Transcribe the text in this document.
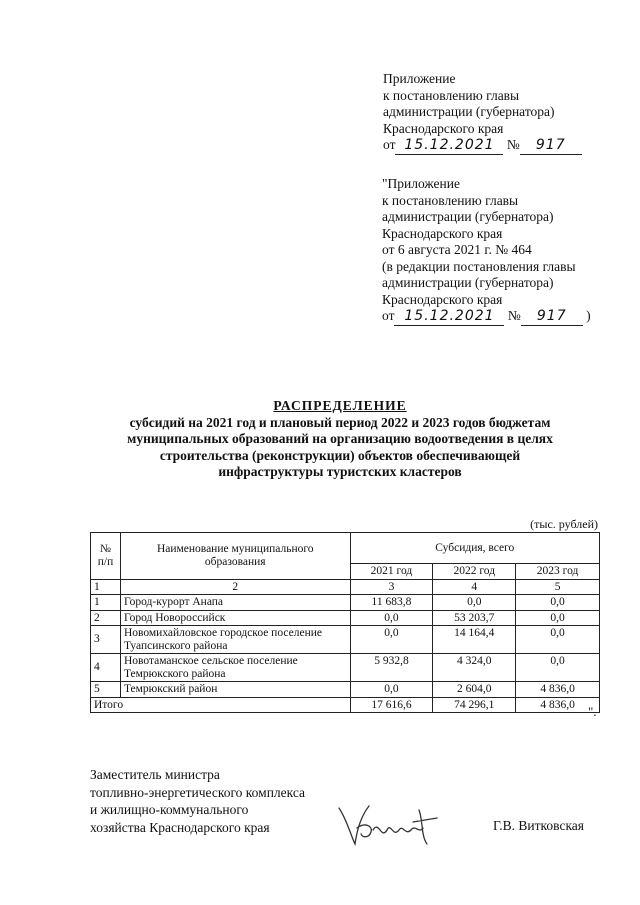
Приложение
к постановлению главы
администрации (губернатора)
Краснодарского края
от 15.12.2021 № 917
"Приложение
к постановлению главы
администрации (губернатора)
Краснодарского края
от 6 августа 2021 г. № 464
(в редакции постановления главы
администрации (губернатора)
Краснодарского края
от 15.12.2021 № 917 )
РАСПРЕДЕЛЕНИЕ
субсидий на 2021 год и плановый период 2022 и 2023 годов бюджетам
муниципальных образований на организацию водоотведения в целях
строительства (реконструкции) объектов обеспечивающей
инфраструктуры туристских кластеров
(тыс. рублей)
№ п/п	Наименование муниципального образования	Субсидия, всего		
		2021 год	2022 год	2023 год
1	2	3	4	5
1	Город-курорт Анапа	11 683,8	0,0	0,0
2	Город Новороссийск	0,0	53 203,7	0,0
3	Новомихайловское городское поселение Туапсинского района	0,0	14 164,4	0,0
4	Новотаманское сельское поселение Темрюкского района	5 932,8	4 324,0	0,0
5	Темрюкский район	0,0	2 604,0	4 836,0
Итого		17 616,6	74 296,1	4 836,0 ".
Заместитель министра
топливно-энергетического комплекса
и жилищно-коммунального
хозяйства Краснодарского края	Г.В. Витковская
